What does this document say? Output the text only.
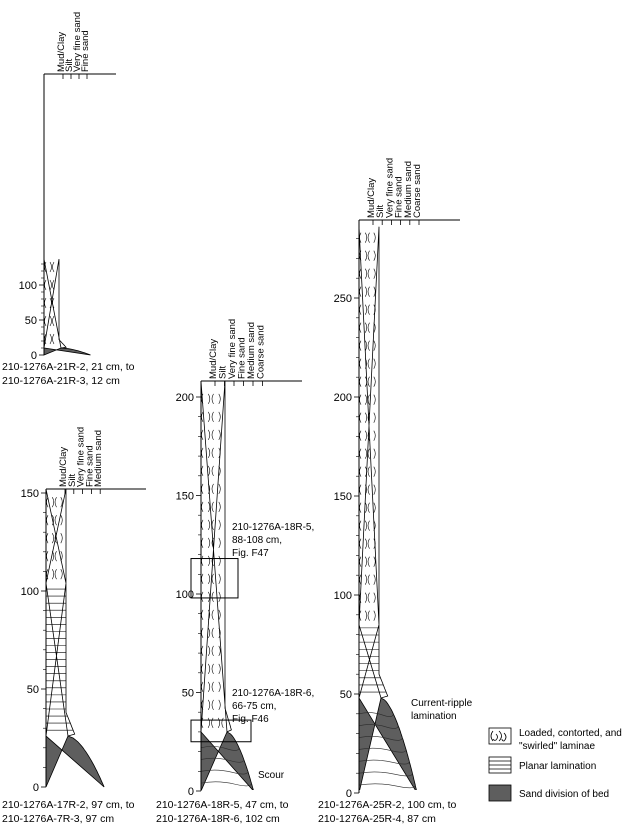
Mud/Clay
Silt
Very fine sand
Fine sand
0
50
100
210-1276A-21R-2, 21 cm, to
210-1276A-21R-3, 12 cm
Mud/Clay
Silt
Very fine sand
Fine sand
Medium sand
0
50
100
150
210-1276A-17R-2, 97 cm, to
210-1276A-7R-3, 97 cm
Mud/Clay
Silt
Very fine sand
Fine sand
Medium sand
Coarse sand
0
50
100
150
200
210-1276A-18R-5,
88-108 cm,
Fig. F47
210-1276A-18R-6,
66-75 cm,
Fig. F46
Scour
210-1276A-18R-5, 47 cm, to
210-1276A-18R-6, 102 cm
Mud/Clay
Silt
Very fine sand
Fine sand
Medium sand
Coarse sand
0
50
100
150
200
250
Current-ripple
lamination
210-1276A-25R-2, 100 cm, to
210-1276A-25R-4, 87 cm
Loaded, contorted, and
"swirled" laminae
Planar lamination
Sand division of bed
